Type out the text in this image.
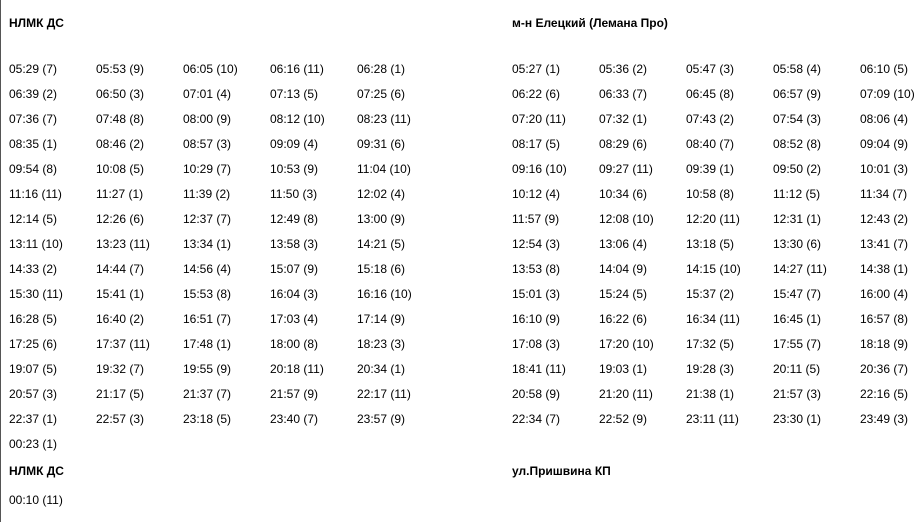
НЛМК ДС
05:29 (7)	05:53 (9)	06:05 (10)	06:16 (11)	06:28 (1)
06:39 (2)	06:50 (3)	07:01 (4)	07:13 (5)	07:25 (6)
07:36 (7)	07:48 (8)	08:00 (9)	08:12 (10)	08:23 (11)
08:35 (1)	08:46 (2)	08:57 (3)	09:09 (4)	09:31 (6)
09:54 (8)	10:08 (5)	10:29 (7)	10:53 (9)	11:04 (10)
11:16 (11)	11:27 (1)	11:39 (2)	11:50 (3)	12:02 (4)
12:14 (5)	12:26 (6)	12:37 (7)	12:49 (8)	13:00 (9)
13:11 (10)	13:23 (11)	13:34 (1)	13:58 (3)	14:21 (5)
14:33 (2)	14:44 (7)	14:56 (4)	15:07 (9)	15:18 (6)
15:30 (11)	15:41 (1)	15:53 (8)	16:04 (3)	16:16 (10)
16:28 (5)	16:40 (2)	16:51 (7)	17:03 (4)	17:14 (9)
17:25 (6)	17:37 (11)	17:48 (1)	18:00 (8)	18:23 (3)
19:07 (5)	19:32 (7)	19:55 (9)	20:18 (11)	20:34 (1)
20:57 (3)	21:17 (5)	21:37 (7)	21:57 (9)	22:17 (11)
22:37 (1)	22:57 (3)	23:18 (5)	23:40 (7)	23:57 (9)
00:23 (1)
м-н Елецкий (Лемана Про)
05:27 (1)	05:36 (2)	05:47 (3)	05:58 (4)	06:10 (5)
06:22 (6)	06:33 (7)	06:45 (8)	06:57 (9)	07:09 (10)
07:20 (11)	07:32 (1)	07:43 (2)	07:54 (3)	08:06 (4)
08:17 (5)	08:29 (6)	08:40 (7)	08:52 (8)	09:04 (9)
09:16 (10)	09:27 (11)	09:39 (1)	09:50 (2)	10:01 (3)
10:12 (4)	10:34 (6)	10:58 (8)	11:12 (5)	11:34 (7)
11:57 (9)	12:08 (10)	12:20 (11)	12:31 (1)	12:43 (2)
12:54 (3)	13:06 (4)	13:18 (5)	13:30 (6)	13:41 (7)
13:53 (8)	14:04 (9)	14:15 (10)	14:27 (11)	14:38 (1)
15:01 (3)	15:24 (5)	15:37 (2)	15:47 (7)	16:00 (4)
16:10 (9)	16:22 (6)	16:34 (11)	16:45 (1)	16:57 (8)
17:08 (3)	17:20 (10)	17:32 (5)	17:55 (7)	18:18 (9)
18:41 (11)	19:03 (1)	19:28 (3)	20:11 (5)	20:36 (7)
20:58 (9)	21:20 (11)	21:38 (1)	21:57 (3)	22:16 (5)
22:34 (7)	22:52 (9)	23:11 (11)	23:30 (1)	23:49 (3)
НЛМК ДС
00:10 (11)
ул.Пришвина КП
